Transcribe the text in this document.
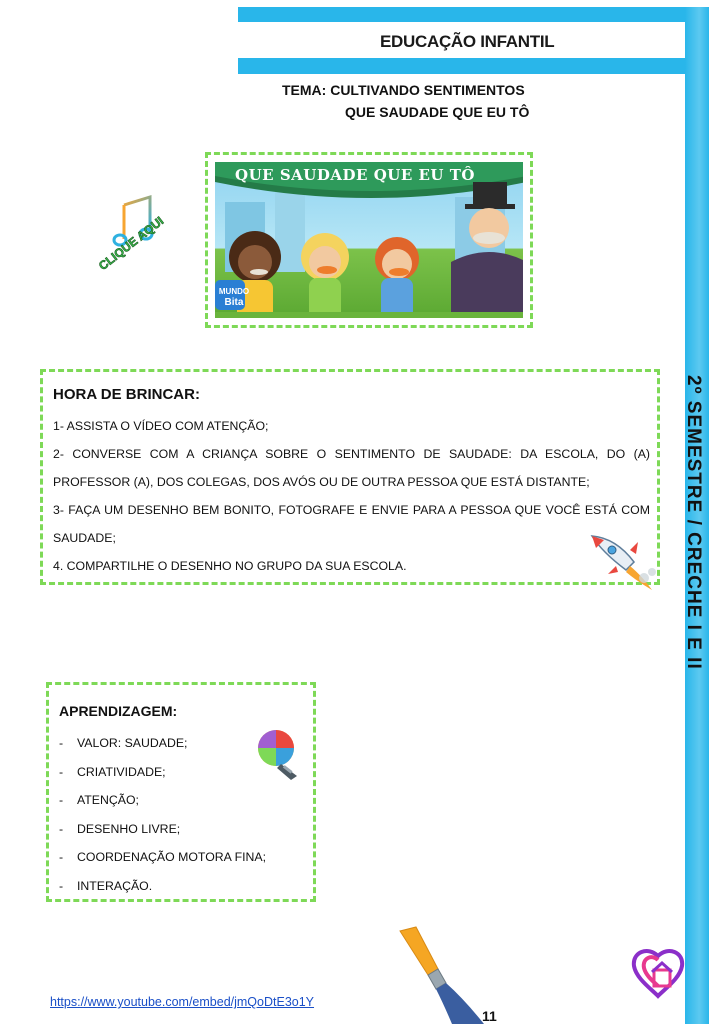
EDUCAÇÃO INFANTIL
2º SEMESTRE / CRECHE I E II
TEMA: CULTIVANDO SENTIMENTOS
QUE SAUDADE QUE EU TÔ
CLIQUE AQUI
QUE SAUDADE QUE EU TÔ
MUNDO
Bita
HORA DE BRINCAR:
1- ASSISTA O VÍDEO COM ATENÇÃO;
2- CONVERSE COM A CRIANÇA SOBRE O SENTIMENTO DE SAUDADE: DA ESCOLA, DO (A) PROFESSOR (A), DOS COLEGAS, DOS AVÓS OU DE OUTRA PESSOA QUE ESTÁ DISTANTE;
3- FAÇA UM DESENHO BEM BONITO, FOTOGRAFE E ENVIE PARA A PESSOA QUE VOCÊ ESTÁ COM SAUDADE;
4. COMPARTILHE O DESENHO NO GRUPO DA SUA ESCOLA.
APRENDIZAGEM:
- VALOR: SAUDADE;
- CRIATIVIDADE;
- ATENÇÃO;
- DESENHO LIVRE;
- COORDENAÇÃO MOTORA FINA;
- INTERAÇÃO.
https://www.youtube.com/embed/jmQoDtE3o1Y
11
